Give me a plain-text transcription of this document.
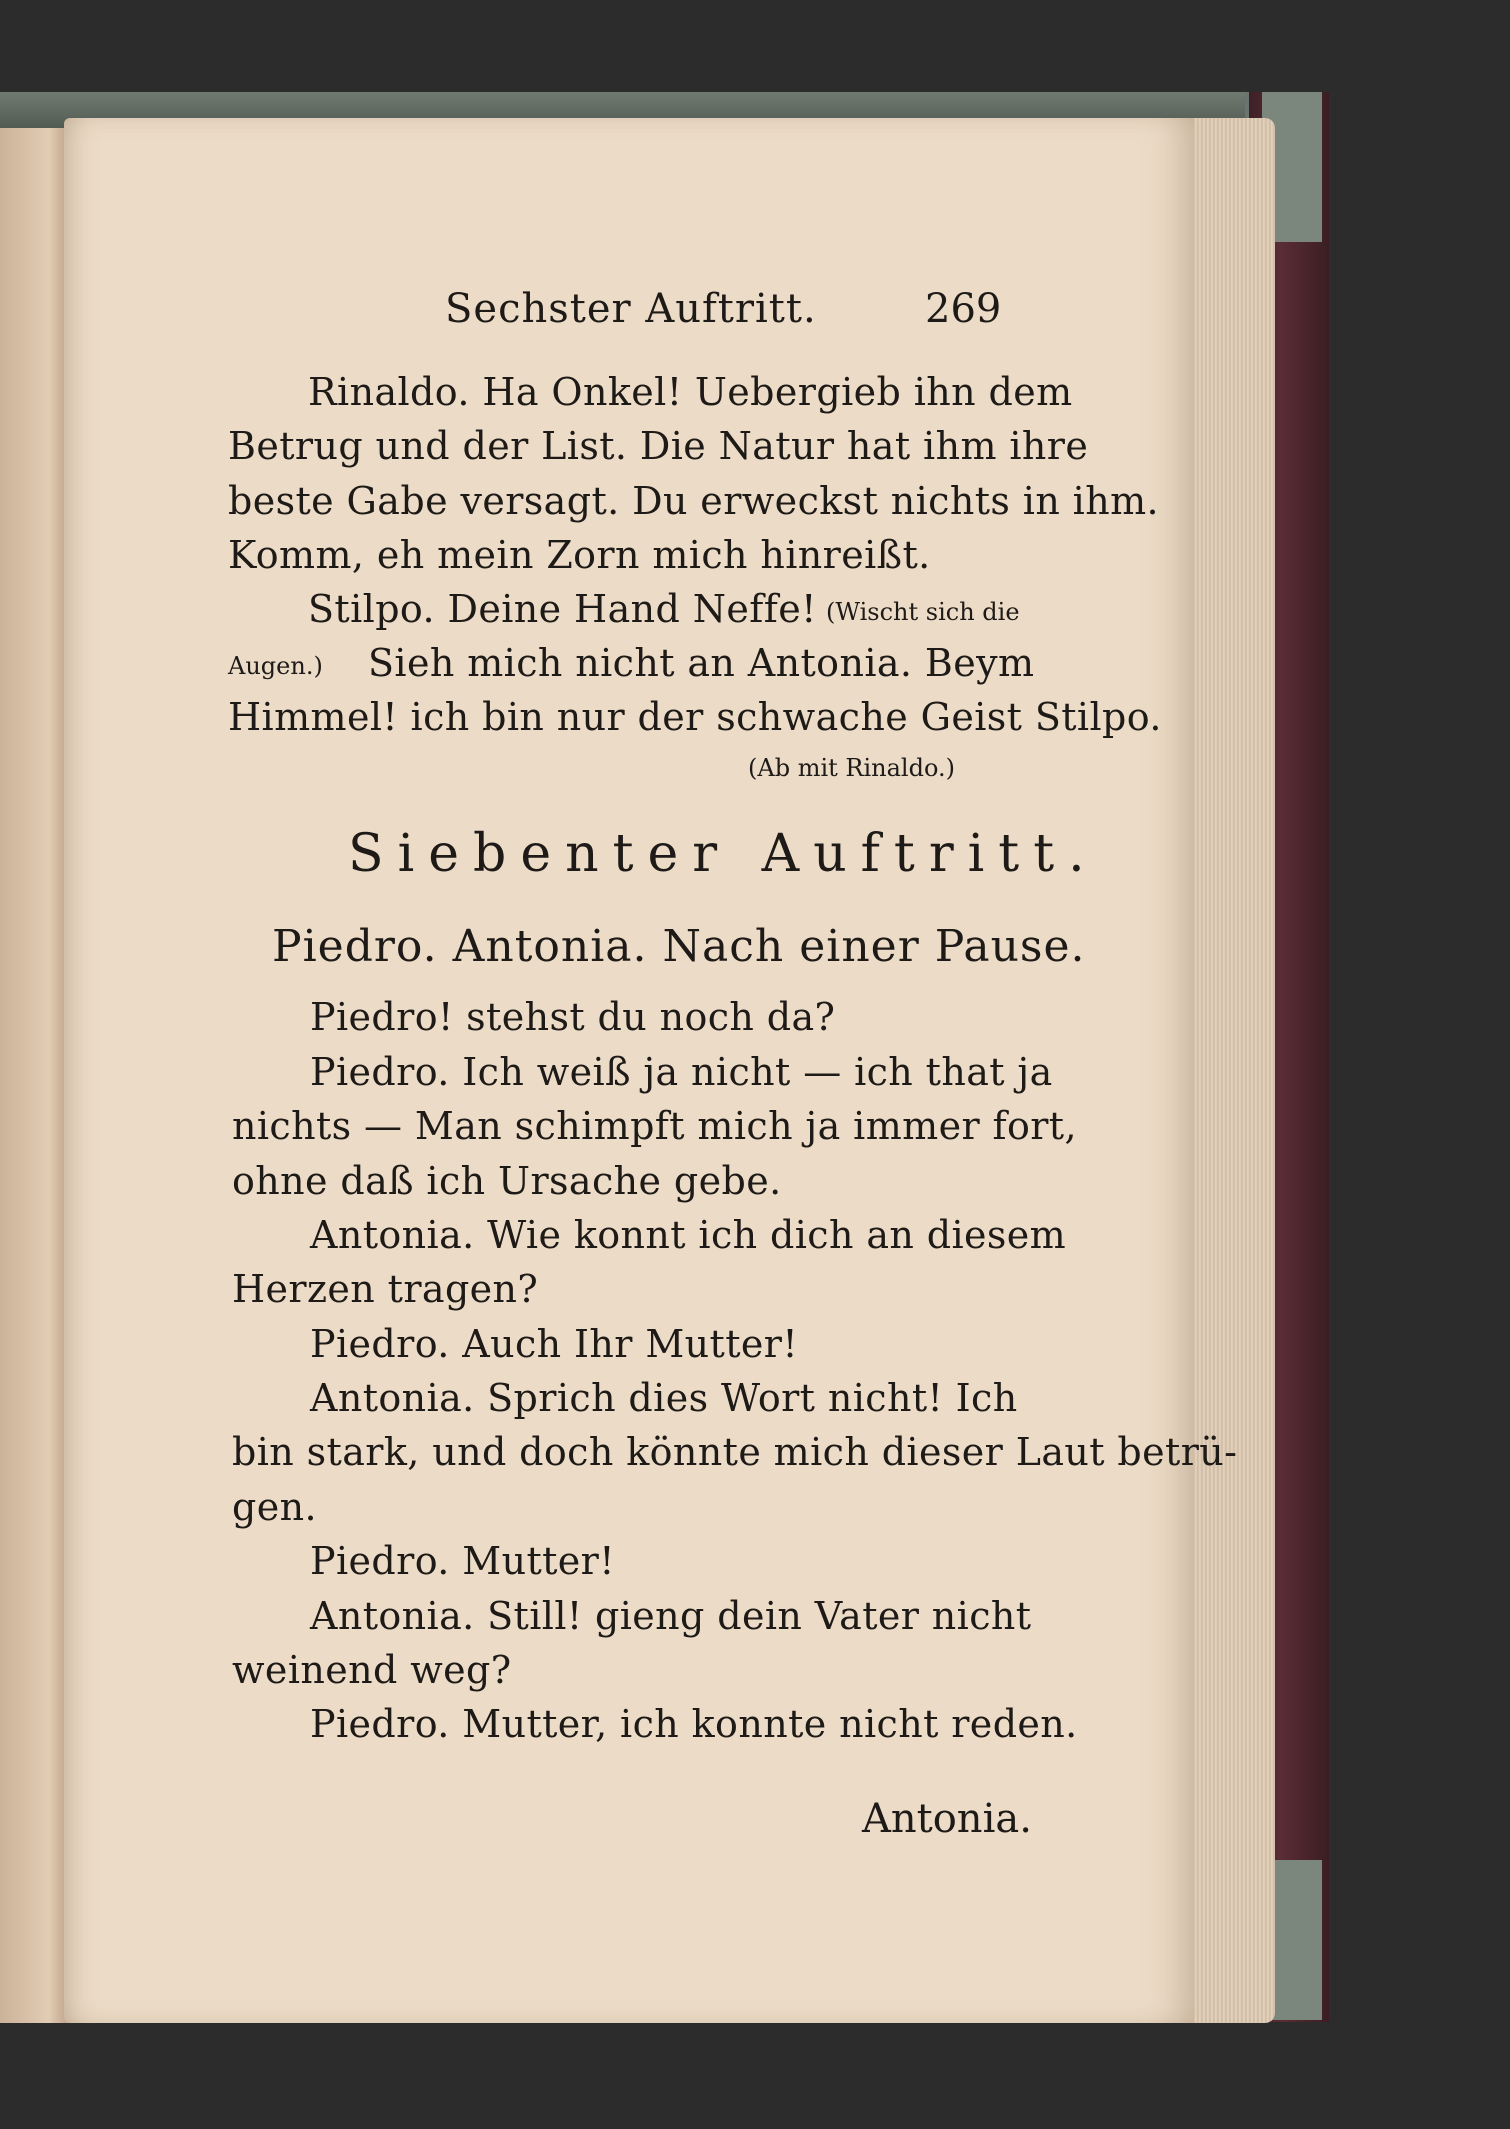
Sechster Auftritt.	269
Rinaldo. Ha Onkel! Uebergieb ihn dem
Betrug und der List. Die Natur hat ihm ihre
beste Gabe versagt. Du erweckst nichts in ihm.
Komm, eh mein Zorn mich hinreißt.
Stilpo. Deine Hand Neffe! (Wischt sich die
Augen.) Sieh mich nicht an Antonia. Beym
Himmel! ich bin nur der schwache Geist Stilpo.
(Ab mit Rinaldo.)
Siebenter Auftritt.
Piedro. Antonia. Nach einer Pause.
Piedro! stehst du noch da?
Piedro. Ich weiß ja nicht — ich that ja
nichts — Man schimpft mich ja immer fort,
ohne daß ich Ursache gebe.
Antonia. Wie konnt ich dich an diesem
Herzen tragen?
Piedro. Auch Ihr Mutter!
Antonia. Sprich dies Wort nicht! Ich
bin stark, und doch könnte mich dieser Laut betrü-
gen.
Piedro. Mutter!
Antonia. Still! gieng dein Vater nicht
weinend weg?
Piedro. Mutter, ich konnte nicht reden.
Antonia.
